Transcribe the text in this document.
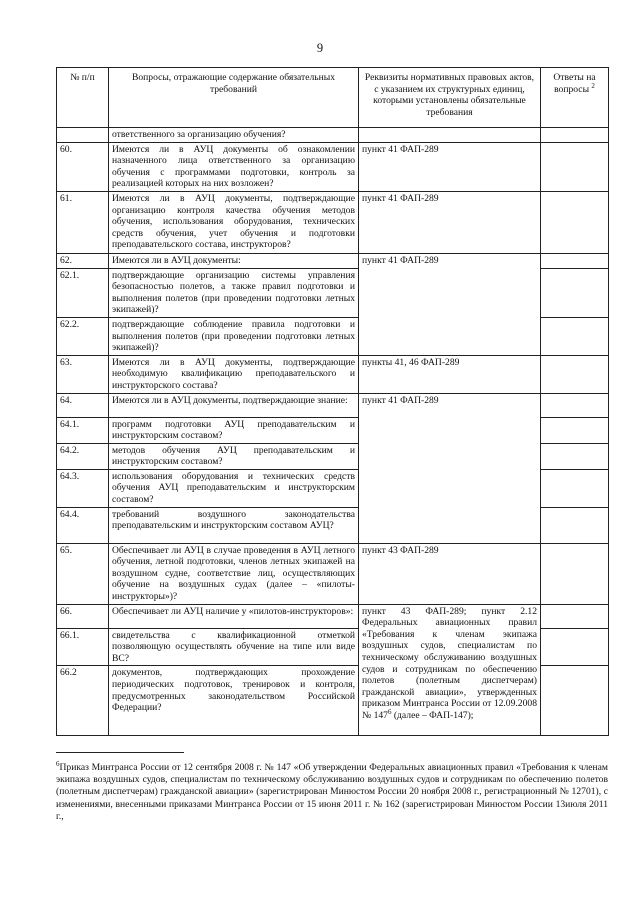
9
№ п/п	Вопросы, отражающие содержание обязательных требований	Реквизиты нормативных правовых актов, с указанием их структурных единиц, которыми установлены обязательные требования	Ответы на вопросы $^2$
	ответственного за организацию обучения?		
60.	Имеются ли в АУЦ документы об ознакомлении назначенного лица ответственного за организацию обучения с программами подготовки, контроль за реализацией которых на них возложен?	пункт 41 ФАП-289	
61.	Имеются ли в АУЦ документы, подтверждающие организацию контроля качества обучения методов обучения, использования оборудования, технических средств обучения, учет обучения и подготовки преподавательского состава, инструкторов?	пункт 41 ФАП-289	
62.	Имеются ли в АУЦ документы:	пункт 41 ФАП-289	
62.1.	подтверждающие организацию системы управления безопасностью полетов, а также правил подготовки и выполнения полетов (при проведении подготовки летных экипажей)?		
62.2.	подтверждающие соблюдение правила подготовки и выполнения полетов (при проведении подготовки летных экипажей)?		
63.	Имеются ли в АУЦ документы, подтверждающие необходимую квалификацию преподавательского и инструкторского состава?	пункты 41, 46 ФАП-289	
64.	Имеются ли в АУЦ документы, подтверждающие знание:	пункт 41 ФАП-289	
64.1.	программ подготовки АУЦ преподавательским и инструкторским составом?		
64.2.	методов обучения АУЦ преподавательским и инструкторским составом?		
64.3.	использования оборудования и технических средств обучения АУЦ преподавательским и инструкторским составом?		
64.4.	требований воздушного законодательства преподавательским и инструкторским составом АУЦ?		
65.	Обеспечивает ли АУЦ в случае проведения в АУЦ летного обучения, летной подготовки, членов летных экипажей на воздушном судне, соответствие лиц, осуществляющих обучение на воздушных судах (далее – «пилоты-инструкторы»)?	пункт 43 ФАП-289	
66.	Обеспечивает ли АУЦ наличие у «пилотов-инструкторов»:	пункт 43 ФАП-289; пункт 2.12 Федеральных авиационных правил «Требования к членам экипажа воздушных судов, специалистам по техническому обслуживанию воздушных судов и сотрудникам по обеспечению полетов (полетным диспетчерам) гражданской авиации», утвержденных приказом Минтранса России от 12.09.2008 № $147^6$ (далее – ФАП-147);	
66.1.	свидетельства с квалификационной отметкой позволяющую осуществлять обучение на типе или виде ВС?		
66.2	документов, подтверждающих прохождение периодических подготовок, тренировок и контроля, предусмотренных законодательством Российской Федерации?		
$^6$Приказ Минтранса России от 12 сентября 2008 г. № 147 «Об утверждении Федеральных авиационных правил «Требования к членам экипажа воздушных судов, специалистам по техническому обслуживанию воздушных судов и сотрудникам по обеспечению полетов (полетным диспетчерам) гражданской авиации» (зарегистрирован Минюстом России 20 ноября 2008 г., регистрационный № 12701), с изменениями, внесенными приказами Минтранса России от 15 июня 2011 г. № 162 (зарегистрирован Минюстом России 13июля 2011 г.,
